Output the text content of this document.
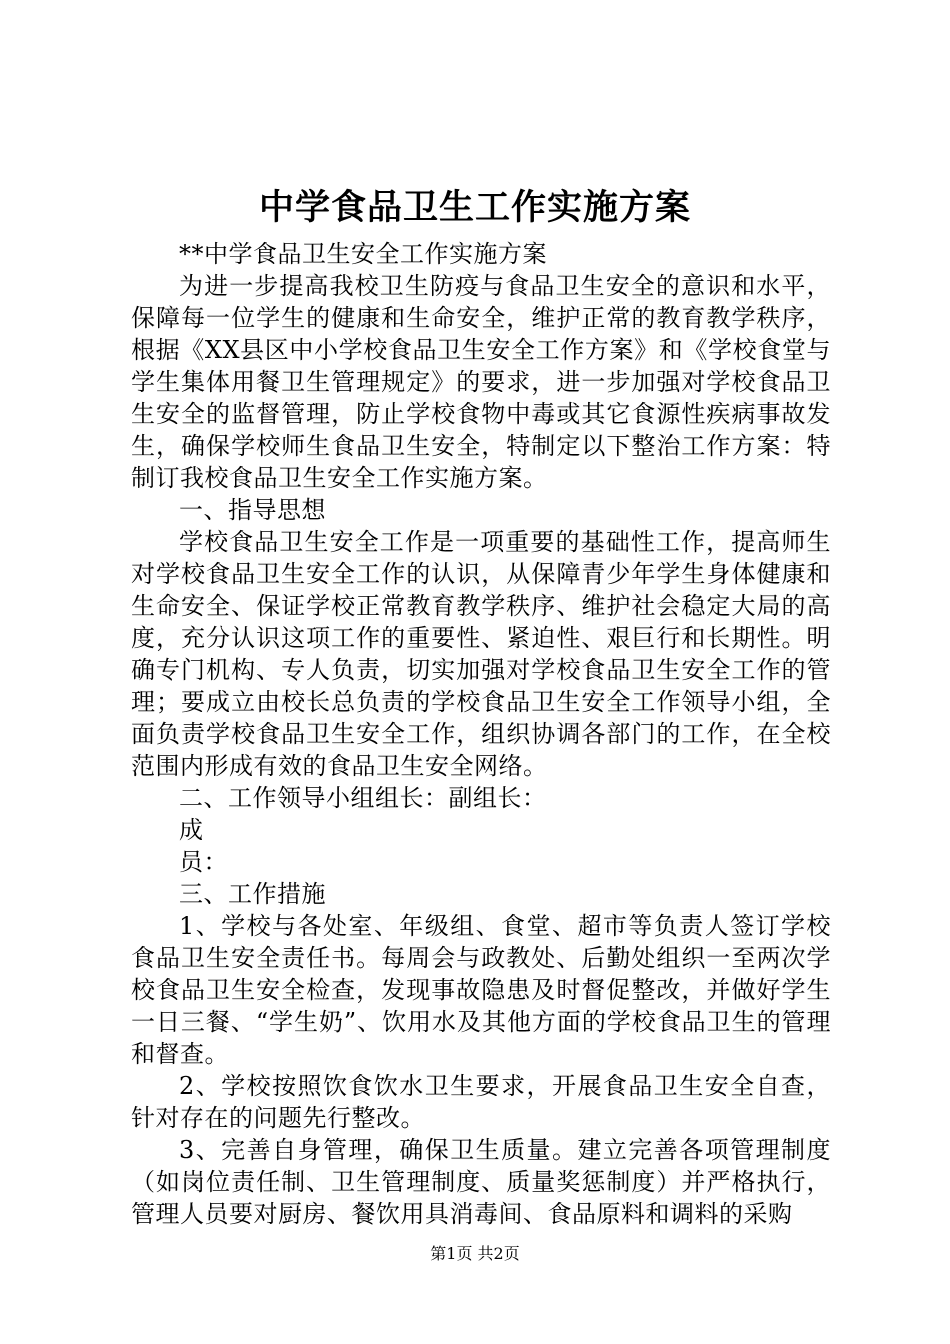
中学食品卫生工作实施方案

**中学食品卫生安全工作实施方案

为进一步提高我校卫生防疫与食品卫生安全的意识和水平，保障每一位学生的健康和生命安全，维护正常的教育教学秩序，根据《XX县区中小学校食品卫生安全工作方案》和《学校食堂与学生集体用餐卫生管理规定》的要求，进一步加强对学校食品卫生安全的监督管理，防止学校食物中毒或其它食源性疾病事故发生，确保学校师生食品卫生安全，特制定以下整治工作方案：特制订我校食品卫生安全工作实施方案。

一、指导思想

学校食品卫生安全工作是一项重要的基础性工作，提高师生对学校食品卫生安全工作的认识，从保障青少年学生身体健康和生命安全、保证学校正常教育教学秩序、维护社会稳定大局的高度，充分认识这项工作的重要性、紧迫性、艰巨行和长期性。明确专门机构、专人负责，切实加强对学校食品卫生安全工作的管理；要成立由校长总负责的学校食品卫生安全工作领导小组，全面负责学校食品卫生安全工作，组织协调各部门的工作，在全校范围内形成有效的食品卫生安全网络。

二、工作领导小组组长：副组长：

成

员：

三、工作措施

1、学校与各处室、年级组、食堂、超市等负责人签订学校食品卫生安全责任书。每周会与政教处、后勤处组织一至两次学校食品卫生安全检查，发现事故隐患及时督促整改，并做好学生一日三餐、“学生奶”、饮用水及其他方面的学校食品卫生的管理和督查。

2、学校按照饮食饮水卫生要求，开展食品卫生安全自查，针对存在的问题先行整改。

3、完善自身管理，确保卫生质量。建立完善各项管理制度（如岗位责任制、卫生管理制度、质量奖惩制度）并严格执行，管理人员要对厨房、餐饮用具消毒间、食品原料和调料的采购

第1页 共2页
